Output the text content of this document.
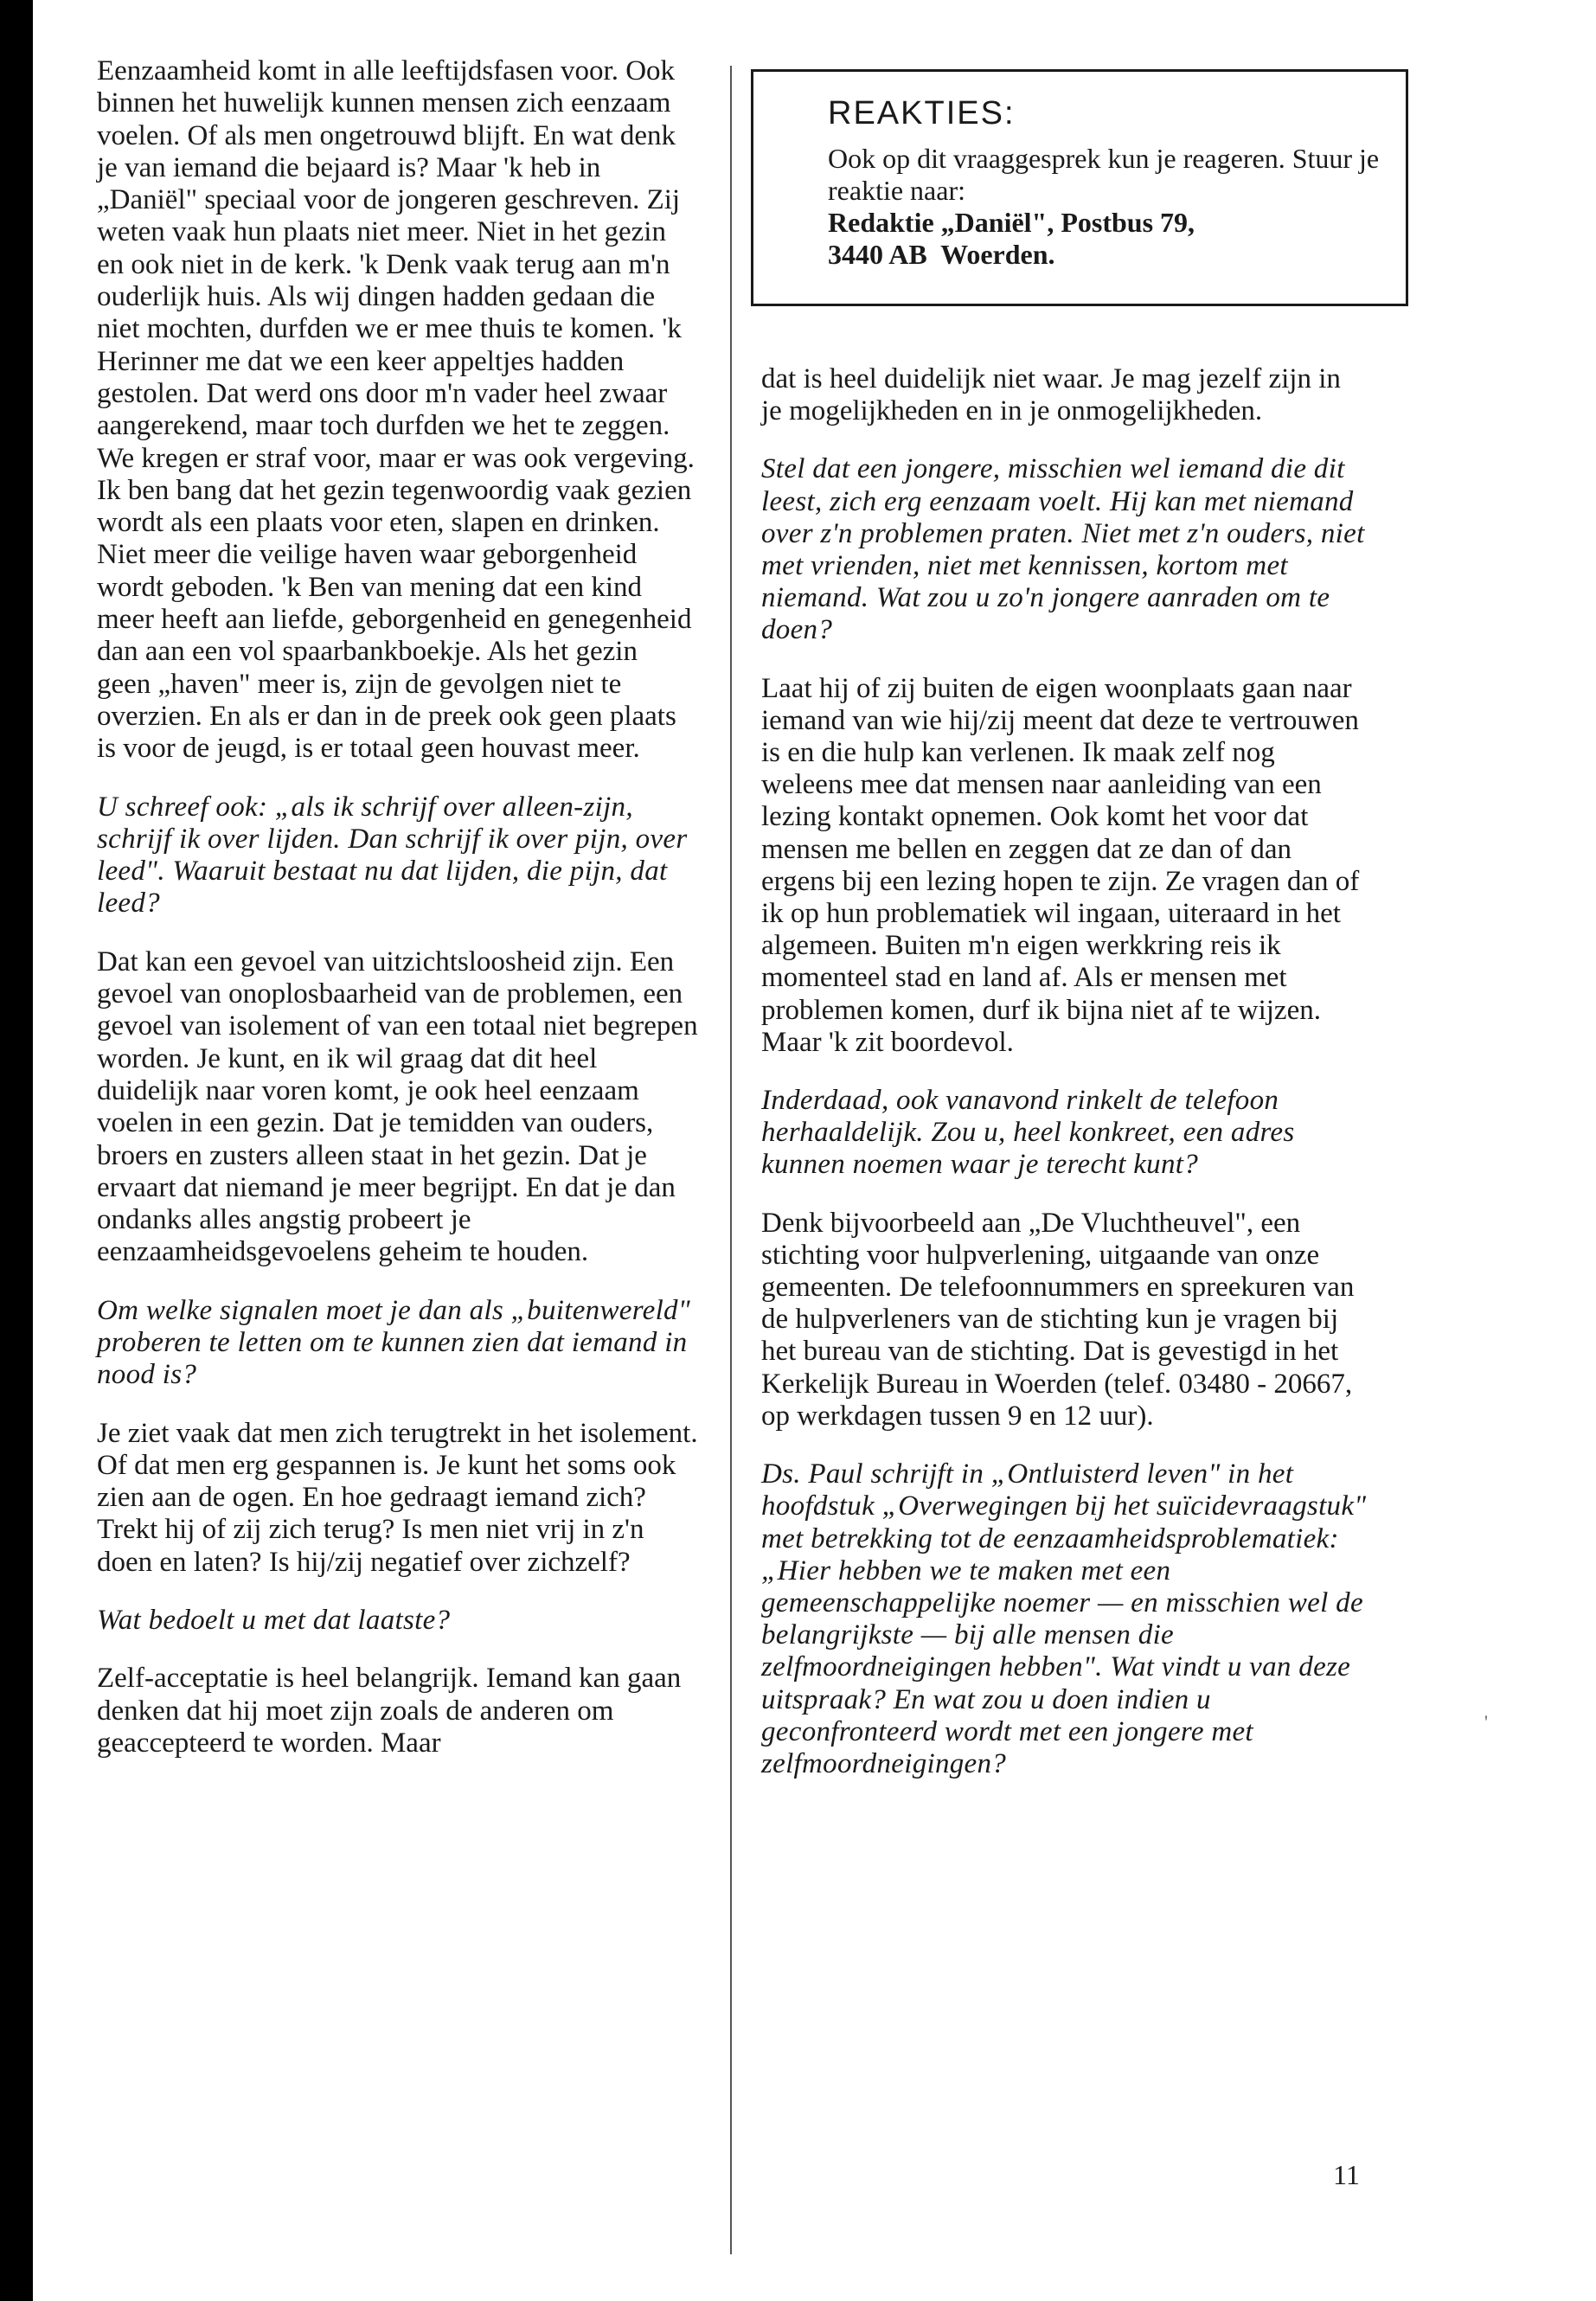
Eenzaamheid komt in alle leeftijdsfasen voor. Ook binnen het huwelijk kunnen mensen zich eenzaam voelen. Of als men ongetrouwd blijft. En wat denk je van iemand die bejaard is? Maar 'k heb in „Daniël" speciaal voor de jongeren geschreven. Zij weten vaak hun plaats niet meer. Niet in het gezin en ook niet in de kerk. 'k Denk vaak terug aan m'n ouderlijk huis. Als wij dingen hadden gedaan die niet mochten, durfden we er mee thuis te komen. 'k Herinner me dat we een keer appeltjes hadden gestolen. Dat werd ons door m'n vader heel zwaar aangerekend, maar toch durfden we het te zeggen. We kregen er straf voor, maar er was ook vergeving. Ik ben bang dat het gezin tegenwoordig vaak gezien wordt als een plaats voor eten, slapen en drinken. Niet meer die veilige haven waar geborgenheid wordt geboden. 'k Ben van mening dat een kind meer heeft aan liefde, geborgenheid en genegenheid dan aan een vol spaarbankboekje. Als het gezin geen „haven" meer is, zijn de gevolgen niet te overzien. En als er dan in de preek ook geen plaats is voor de jeugd, is er totaal geen houvast meer.

U schreef ook: „als ik schrijf over alleen-zijn, schrijf ik over lijden. Dan schrijf ik over pijn, over leed". Waaruit bestaat nu dat lijden, die pijn, dat leed?

Dat kan een gevoel van uitzichtsloosheid zijn. Een gevoel van onoplosbaarheid van de problemen, een gevoel van isolement of van een totaal niet begrepen worden. Je kunt, en ik wil graag dat dit heel duidelijk naar voren komt, je ook heel eenzaam voelen in een gezin. Dat je temidden van ouders, broers en zusters alleen staat in het gezin. Dat je ervaart dat niemand je meer begrijpt. En dat je dan ondanks alles angstig probeert je eenzaamheidsgevoelens geheim te houden.

Om welke signalen moet je dan als „buitenwereld" proberen te letten om te kunnen zien dat iemand in nood is?

Je ziet vaak dat men zich terugtrekt in het isolement. Of dat men erg gespannen is. Je kunt het soms ook zien aan de ogen. En hoe gedraagt iemand zich? Trekt hij of zij zich terug? Is men niet vrij in z'n doen en laten? Is hij/zij negatief over zichzelf?

Wat bedoelt u met dat laatste?

Zelf-acceptatie is heel belangrijk. Iemand kan gaan denken dat hij moet zijn zoals de anderen om geaccepteerd te worden. Maar

REAKTIES:
Ook op dit vraaggesprek kun je reageren. Stuur je reaktie naar:
Redaktie „Daniël", Postbus 79,
3440 AB  Woerden.

dat is heel duidelijk niet waar. Je mag jezelf zijn in je mogelijkheden en in je onmogelijkheden.

Stel dat een jongere, misschien wel iemand die dit leest, zich erg eenzaam voelt. Hij kan met niemand over z'n problemen praten. Niet met z'n ouders, niet met vrienden, niet met kennissen, kortom met niemand. Wat zou u zo'n jongere aanraden om te doen?

Laat hij of zij buiten de eigen woonplaats gaan naar iemand van wie hij/zij meent dat deze te vertrouwen is en die hulp kan verlenen. Ik maak zelf nog weleens mee dat mensen naar aanleiding van een lezing kontakt opnemen. Ook komt het voor dat mensen me bellen en zeggen dat ze dan of dan ergens bij een lezing hopen te zijn. Ze vragen dan of ik op hun problematiek wil ingaan, uiteraard in het algemeen. Buiten m'n eigen werkkring reis ik momenteel stad en land af. Als er mensen met problemen komen, durf ik bijna niet af te wijzen. Maar 'k zit boordevol.

Inderdaad, ook vanavond rinkelt de telefoon herhaaldelijk. Zou u, heel konkreet, een adres kunnen noemen waar je terecht kunt?

Denk bijvoorbeeld aan „De Vluchtheuvel", een stichting voor hulpverlening, uitgaande van onze gemeenten. De telefoonnummers en spreekuren van de hulpverleners van de stichting kun je vragen bij het bureau van de stichting. Dat is gevestigd in het Kerkelijk Bureau in Woerden (telef. 03480 - 20667, op werkdagen tussen 9 en 12 uur).

Ds. Paul schrijft in „Ontluisterd leven" in het hoofdstuk „Overwegingen bij het suïcidevraagstuk" met betrekking tot de eenzaamheidsproblematiek: „Hier hebben we te maken met een gemeenschappelijke noemer — en misschien wel de belangrijkste — bij alle mensen die zelfmoordneigingen hebben". Wat vindt u van deze uitspraak? En wat zou u doen indien u geconfronteerd wordt met een jongere met zelfmoordneigingen?

11
'
